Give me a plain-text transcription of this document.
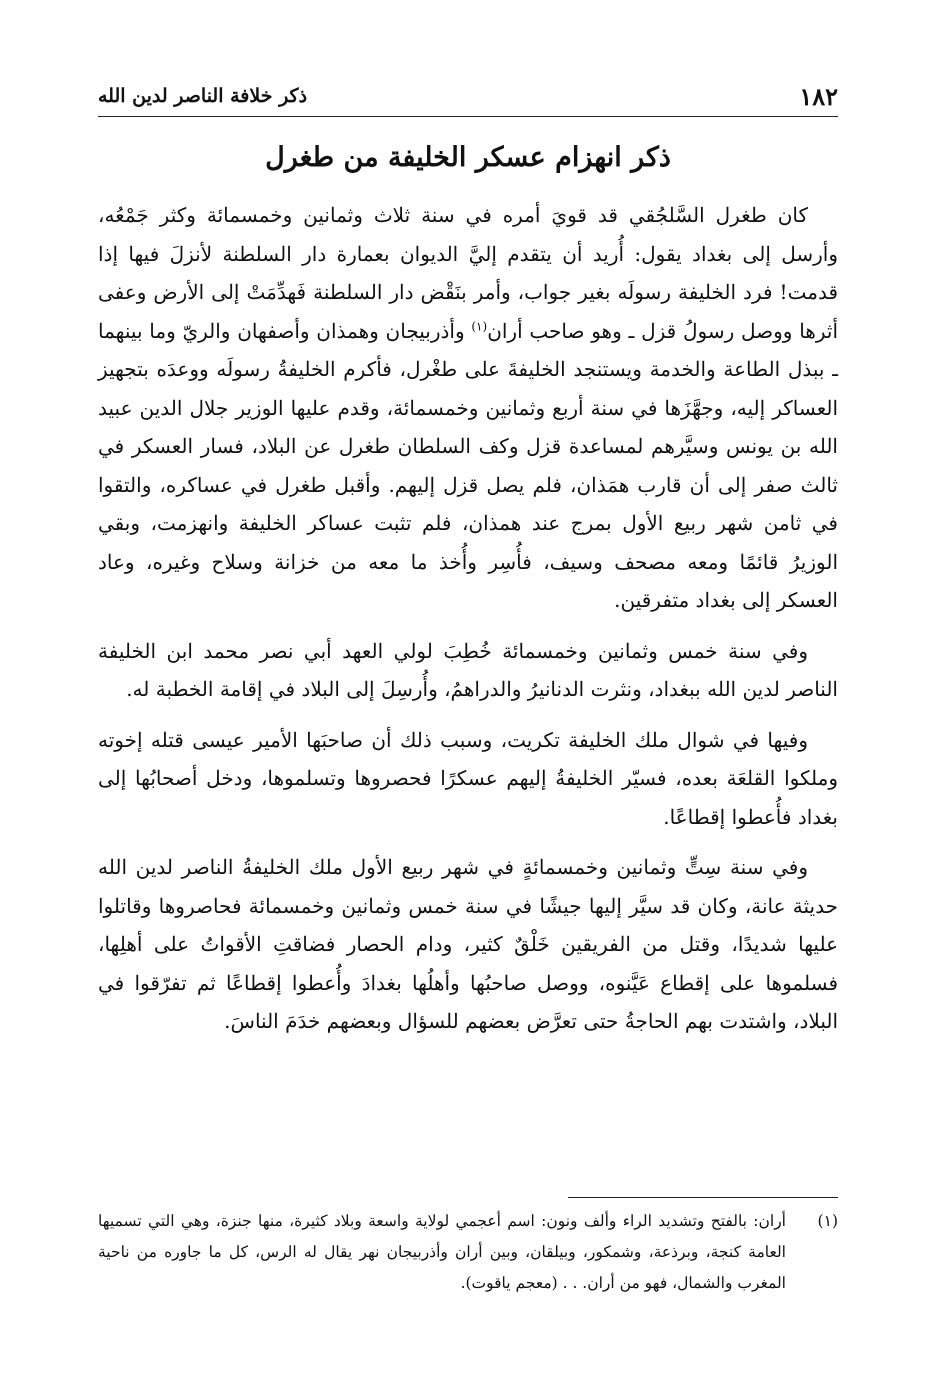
١٨٢
ذكر خلافة الناصر لدين الله
ذكر انهزام عسكر الخليفة من طغرل

كان طغرل السَّلجُقي قد قويَ أمره في سنة ثلاث وثمانين وخمسمائة وكثر جَمْعُه، وأرسل إلى بغداد يقول: أُريد أن يتقدم إليَّ الديوان بعمارة دار السلطنة لأنزلَ فيها إذا قدمت! فرد الخليفة رسولَه بغير جواب، وأمر بنَقْض دار السلطنة فَهدِّمَتْ إلى الأرض وعفى أثرها ووصل رسولُ قزل ـ وهو صاحب أران$^{(١)}$ وأذربيجان وهمذان وأصفهان والريّ وما بينهما ـ ببذل الطاعة والخدمة ويستنجد الخليفةَ على طغْرل، فأكرم الخليفةُ رسولَه ووعدَه بتجهيز العساكر إليه، وجهَّزَها في سنة أربع وثمانين وخمسمائة، وقدم عليها الوزير جلال الدين عبيد الله بن يونس وسيَّرهم لمساعدة قزل وكف السلطان طغرل عن البلاد، فسار العسكر في ثالث صفر إلى أن قارب همَذان، فلم يصل قزل إليهم. وأقبل طغرل في عساكره، والتقوا في ثامن شهر ربيع الأول بمرج عند همذان، فلم تثبت عساكر الخليفة وانهزمت، وبقي الوزيرُ قائمًا ومعه مصحف وسيف، فأُسِر وأُخذ ما معه من خزانة وسلاح وغيره، وعاد العسكر إلى بغداد متفرقين.

وفي سنة خمس وثمانين وخمسمائة خُطِبَ لولي العهد أبي نصر محمد ابن الخليفة الناصر لدين الله ببغداد، ونثرت الدنانيرُ والدراهمُ، وأُرسِلَ إلى البلاد في إقامة الخطبة له.

وفيها في شوال ملك الخليفة تكريت، وسبب ذلك أن صاحبَها الأمير عيسى قتله إخوته وملكوا القلعَة بعده، فسيّر الخليفةُ إليهم عسكرًا فحصروها وتسلموها، ودخل أصحابُها إلى بغداد فأُعطوا إقطاعًا.

وفي سنة سِتٍّ وثمانين وخمسمائةٍ في شهر ربيع الأول ملك الخليفةُ الناصر لدين الله حديثة عانة، وكان قد سيَّر إليها جيشًا في سنة خمس وثمانين وخمسمائة فحاصروها وقاتلوا عليها شديدًا، وقتل من الفريقين خَلْقٌ كثير، ودام الحصار فضاقتِ الأقواتُ على أهلِها، فسلموها على إقطاع عَيَّنوه، ووصل صاحبُها وأهلُها بغدادَ وأُعطوا إقطاعًا ثم تفرّقوا في البلاد، واشتدت بهم الحاجةُ حتى تعرَّض بعضهم للسؤال وبعضهم خدَمَ الناسَ.

(١)
أران: بالفتح وتشديد الراء وألف ونون: اسم أعجمي لولاية واسعة وبلاد كثيرة، منها جنزة، وهي التي تسميها العامة كنجة، وبرذعة، وشمكور، وبيلقان، وبين أران وأذربيجان نهر يقال له الرس، كل ما جاوره من ناحية المغرب والشمال، فهو من أران. . . (معجم ياقوت).
